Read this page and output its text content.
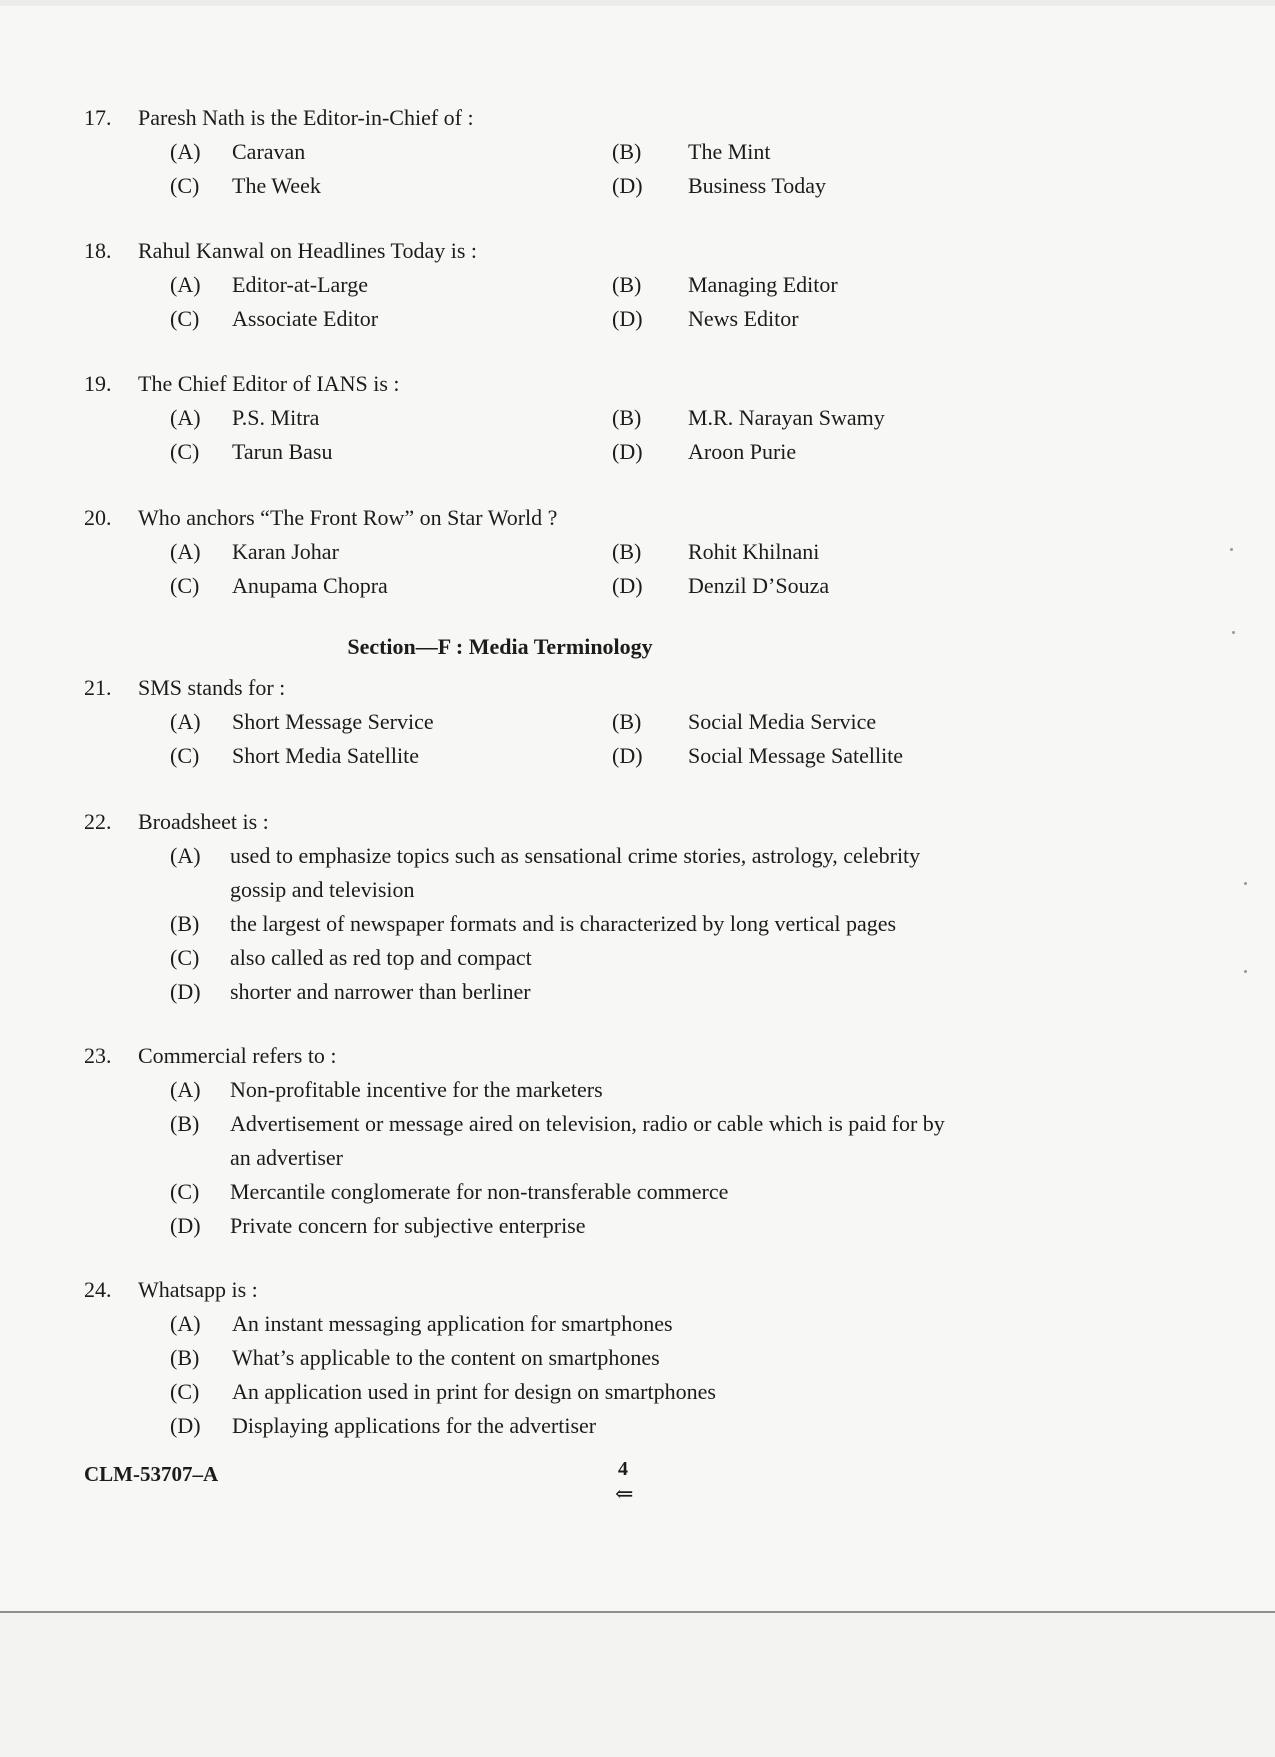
17. Paresh Nath is the Editor-in-Chief of :
(A) Caravan	(B) The Mint
(C) The Week	(D) Business Today
18. Rahul Kanwal on Headlines Today is :
(A) Editor-at-Large	(B) Managing Editor
(C) Associate Editor	(D) News Editor
19. The Chief Editor of IANS is :
(A) P.S. Mitra	(B) M.R. Narayan Swamy
(C) Tarun Basu	(D) Aroon Purie
20. Who anchors “The Front Row” on Star World ?
(A) Karan Johar	(B) Rohit Khilnani
(C) Anupama Chopra	(D) Denzil D’Souza
Section—F : Media Terminology
21. SMS stands for :
(A) Short Message Service	(B) Social Media Service
(C) Short Media Satellite	(D) Social Message Satellite
22. Broadsheet is :
(A) used to emphasize topics such as sensational crime stories, astrology, celebrity gossip and television
(B) the largest of newspaper formats and is characterized by long vertical pages
(C) also called as red top and compact
(D) shorter and narrower than berliner
23. Commercial refers to :
(A) Non-profitable incentive for the marketers
(B) Advertisement or message aired on television, radio or cable which is paid for by an advertiser
(C) Mercantile conglomerate for non-transferable commerce
(D) Private concern for subjective enterprise
24. Whatsapp is :
(A) An instant messaging application for smartphones
(B) What’s applicable to the content on smartphones
(C) An application used in print for design on smartphones
(D) Displaying applications for the advertiser
CLM-53707–A	4
⇐
